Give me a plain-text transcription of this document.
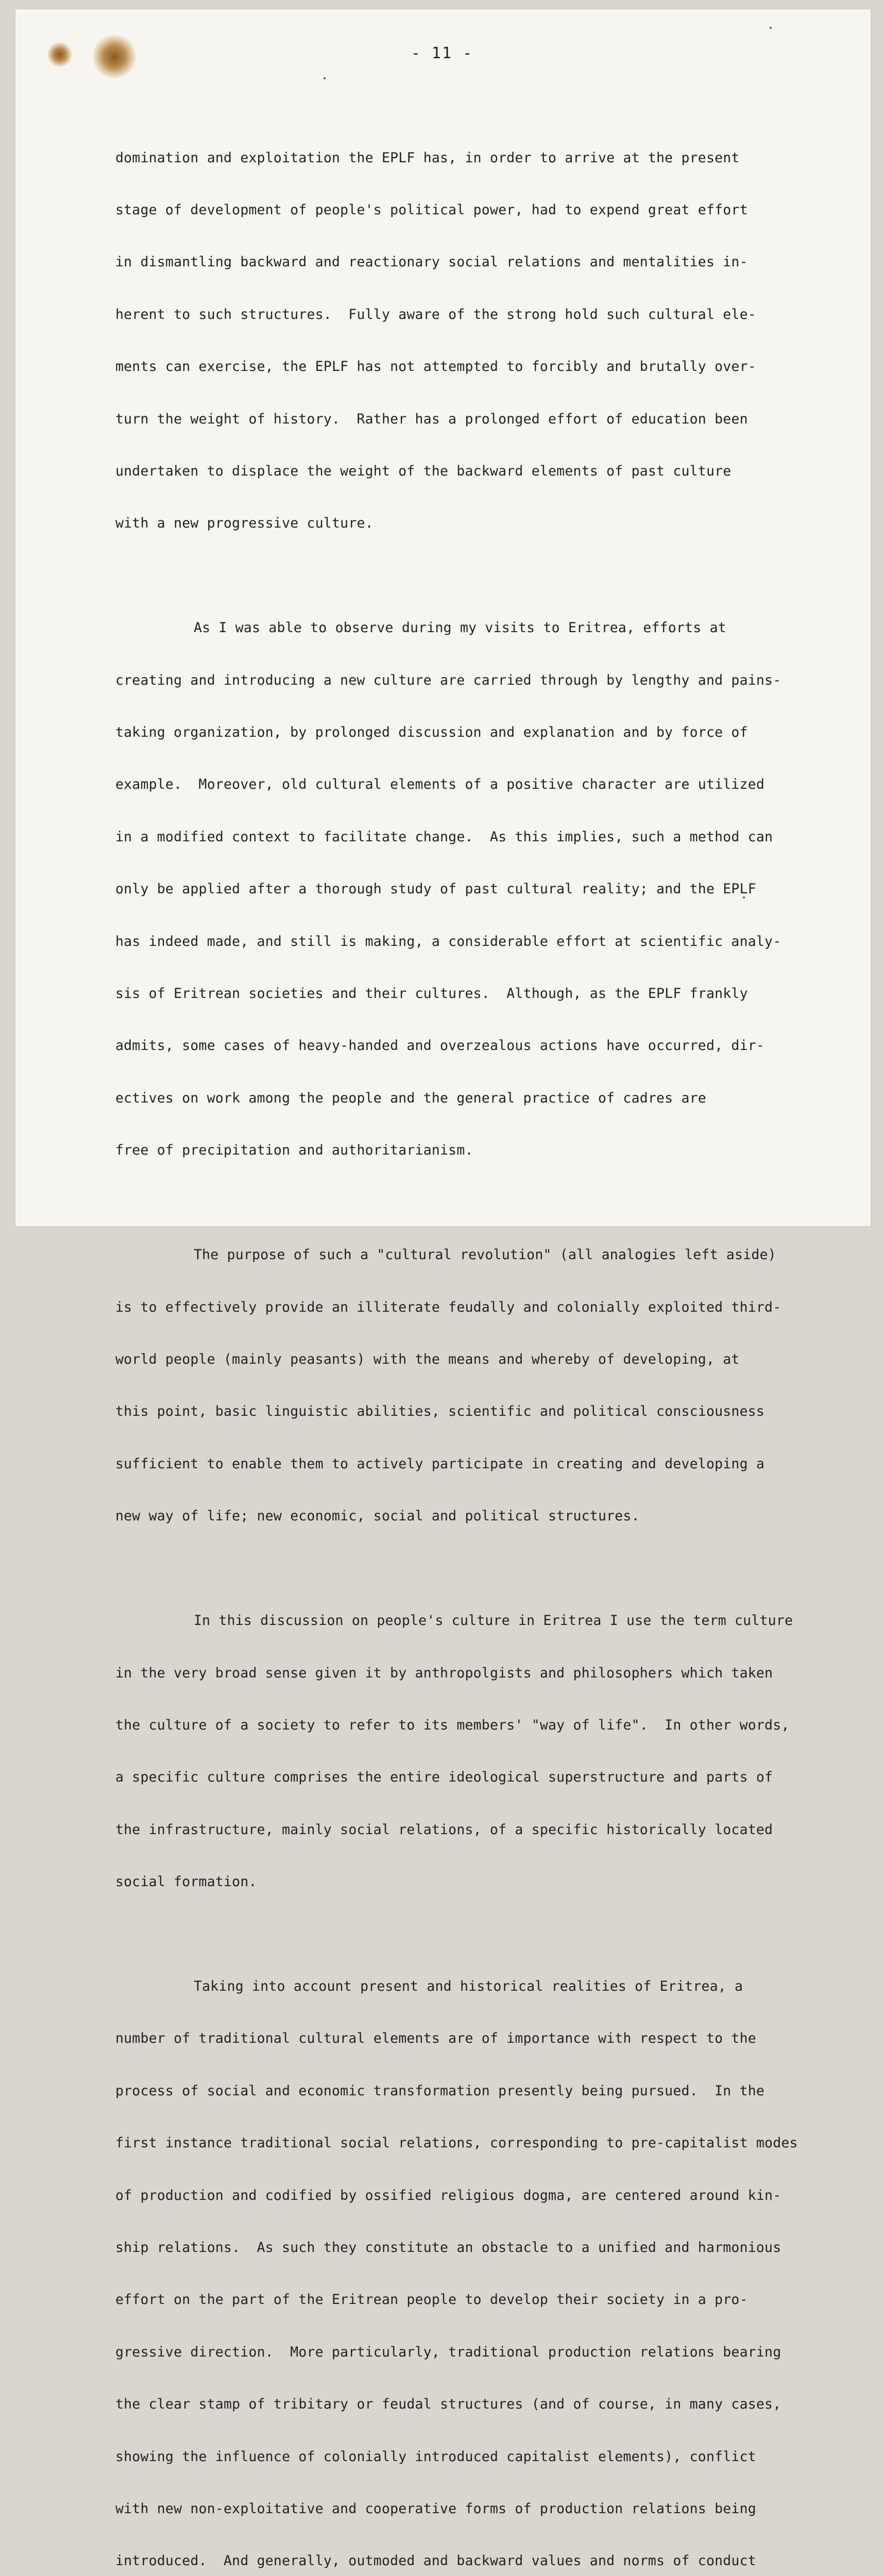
- 11 -

domination and exploitation the EPLF has, in order to arrive at the present

stage of development of people's political power, had to expend great effort

in dismantling backward and reactionary social relations and mentalities in-

herent to such structures.  Fully aware of the strong hold such cultural ele-

ments can exercise, the EPLF has not attempted to forcibly and brutally over-

turn the weight of history.  Rather has a prolonged effort of education been

undertaken to displace the weight of the backward elements of past culture

with a new progressive culture.

As I was able to observe during my visits to Eritrea, efforts at

creating and introducing a new culture are carried through by lengthy and pains-

taking organization, by prolonged discussion and explanation and by force of

example.  Moreover, old cultural elements of a positive character are utilized

in a modified context to facilitate change.  As this implies, such a method can

only be applied after a thorough study of past cultural reality; and the EPLF

has indeed made, and still is making, a considerable effort at scientific analy-

sis of Eritrean societies and their cultures.  Although, as the EPLF frankly

admits, some cases of heavy-handed and overzealous actions have occurred, dir-

ectives on work among the people and the general practice of cadres are

free of precipitation and authoritarianism.

The purpose of such a "cultural revolution" (all analogies left aside)

is to effectively provide an illiterate feudally and colonially exploited third-

world people (mainly peasants) with the means and whereby of developing, at

this point, basic linguistic abilities, scientific and political consciousness

sufficient to enable them to actively participate in creating and developing a

new way of life; new economic, social and political structures.

In this discussion on people's culture in Eritrea I use the term culture

in the very broad sense given it by anthropolgists and philosophers which taken

the culture of a society to refer to its members' "way of life".  In other words,

a specific culture comprises the entire ideological superstructure and parts of

the infrastructure, mainly social relations, of a specific historically located

social formation.

Taking into account present and historical realities of Eritrea, a

number of traditional cultural elements are of importance with respect to the

process of social and economic transformation presently being pursued.  In the

first instance traditional social relations, corresponding to pre-capitalist modes

of production and codified by ossified religious dogma, are centered around kin-

ship relations.  As such they constitute an obstacle to a unified and harmonious

effort on the part of the Eritrean people to develop their society in a pro-

gressive direction.  More particularly, traditional production relations bearing

the clear stamp of tribitary or feudal structures (and of course, in many cases,

showing the influence of colonially introduced capitalist elements), conflict

with new non-exploitative and cooperative forms of production relations being

introduced.  And generally, outmoded and backward values and norms of conduct
